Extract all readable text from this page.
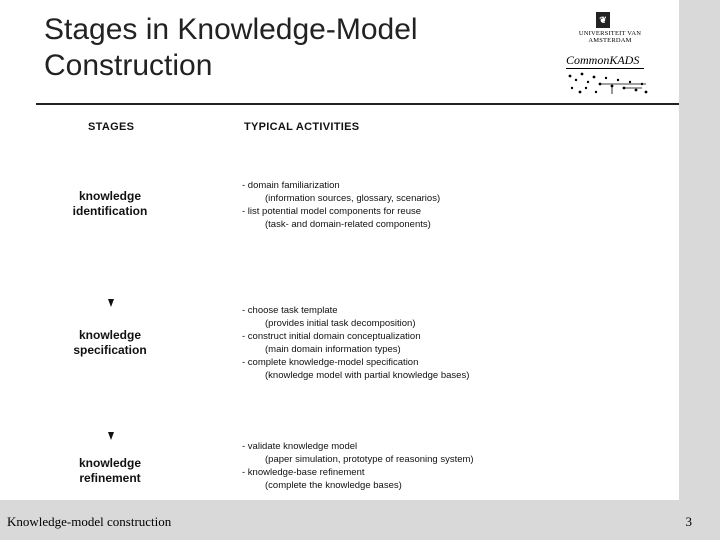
Stages in Knowledge-Model
Construction
❦
UNIVERSITEIT VAN AMSTERDAM
CommonKADS
STAGES	TYPICAL ACTIVITIES
knowledge
identification
- domain familiarization
(information sources, glossary, scenarios)
- list potential model components for reuse
(task- and domain-related components)
knowledge
specification
- choose task template
(provides initial task decomposition)
- construct initial domain conceptualization
(main domain information types)
- complete knowledge-model specification
(knowledge model with partial knowledge bases)
knowledge
refinement
- validate knowledge model
(paper simulation, prototype of reasoning system)
- knowledge-base refinement
(complete the knowledge bases)
Knowledge-model construction	3
